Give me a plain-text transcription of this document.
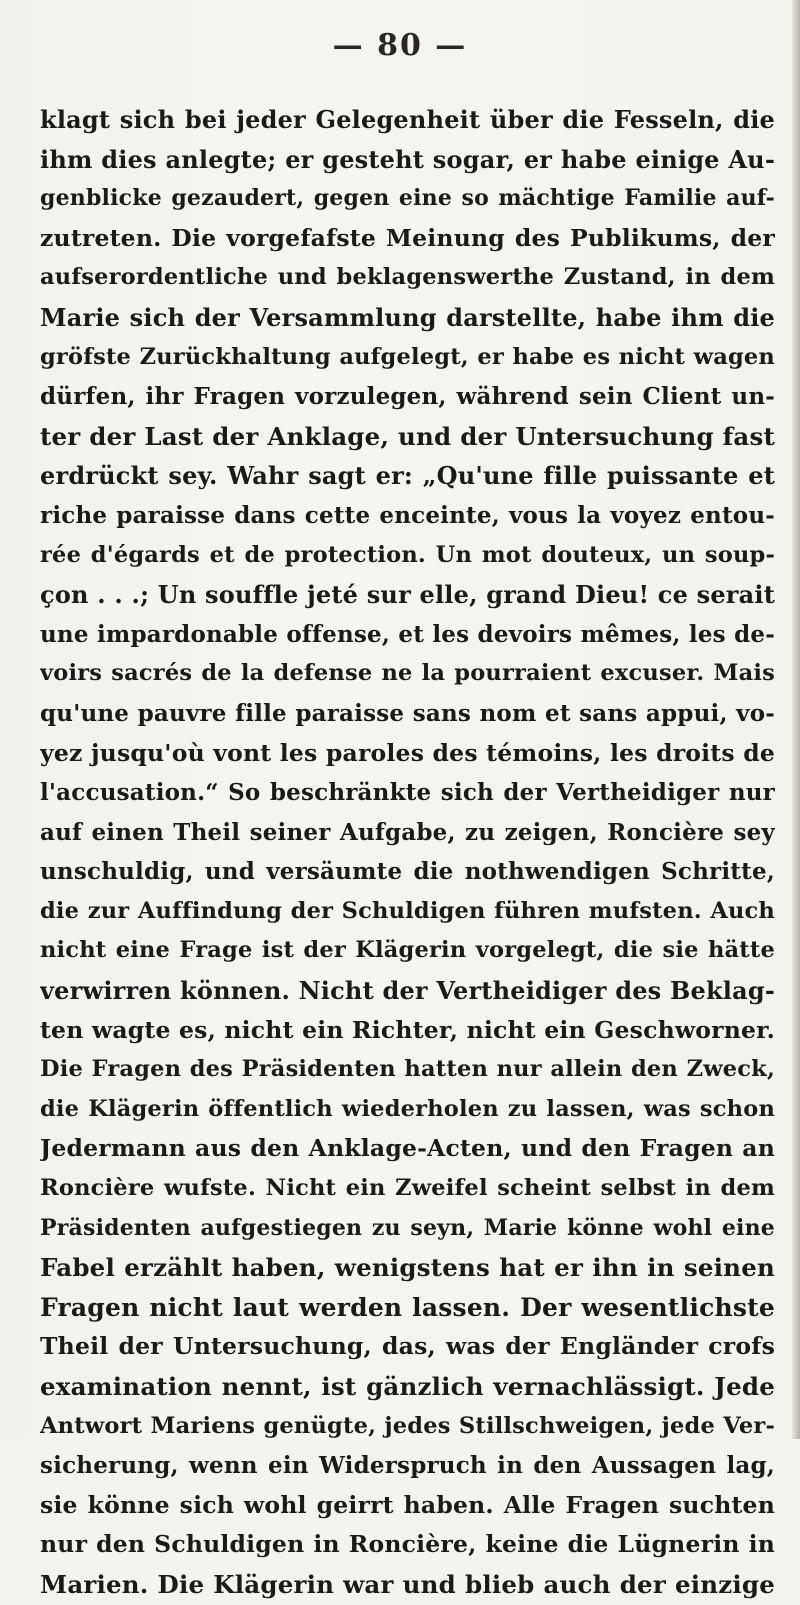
— 80 —
klagt sich bei jeder Gelegenheit über die Fesseln, die
ihm dies anlegte; er gesteht sogar, er habe einige Au-
genblicke gezaudert, gegen eine so mächtige Familie auf-
zutreten. Die vorgefafste Meinung des Publikums, der
aufserordentliche und beklagenswerthe Zustand, in dem
Marie sich der Versammlung darstellte, habe ihm die
gröfste Zurückhaltung aufgelegt, er habe es nicht wagen
dürfen, ihr Fragen vorzulegen, während sein Client un-
ter der Last der Anklage, und der Untersuchung fast
erdrückt sey. Wahr sagt er: „Qu'une fille puissante et
riche paraisse dans cette enceinte, vous la voyez entou-
rée d'égards et de protection. Un mot douteux, un soup-
çon . . .; Un souffle jeté sur elle, grand Dieu! ce serait
une impardonable offense, et les devoirs mêmes, les de-
voirs sacrés de la defense ne la pourraient excuser. Mais
qu'une pauvre fille paraisse sans nom et sans appui, vo-
yez jusqu'où vont les paroles des témoins, les droits de
l'accusation.“ So beschränkte sich der Vertheidiger nur
auf einen Theil seiner Aufgabe, zu zeigen, Roncière sey
unschuldig, und versäumte die nothwendigen Schritte,
die zur Auffindung der Schuldigen führen mufsten. Auch
nicht eine Frage ist der Klägerin vorgelegt, die sie hätte
verwirren können. Nicht der Vertheidiger des Beklag-
ten wagte es, nicht ein Richter, nicht ein Geschworner.
Die Fragen des Präsidenten hatten nur allein den Zweck,
die Klägerin öffentlich wiederholen zu lassen, was schon
Jedermann aus den Anklage-Acten, und den Fragen an
Roncière wufste. Nicht ein Zweifel scheint selbst in dem
Präsidenten aufgestiegen zu seyn, Marie könne wohl eine
Fabel erzählt haben, wenigstens hat er ihn in seinen
Fragen nicht laut werden lassen. Der wesentlichste
Theil der Untersuchung, das, was der Engländer crofs
examination nennt, ist gänzlich vernachlässigt. Jede
Antwort Mariens genügte, jedes Stillschweigen, jede Ver-
sicherung, wenn ein Widerspruch in den Aussagen lag,
sie könne sich wohl geirrt haben. Alle Fragen suchten
nur den Schuldigen in Roncière, keine die Lügnerin in
Marien. Die Klägerin war und blieb auch der einzige
